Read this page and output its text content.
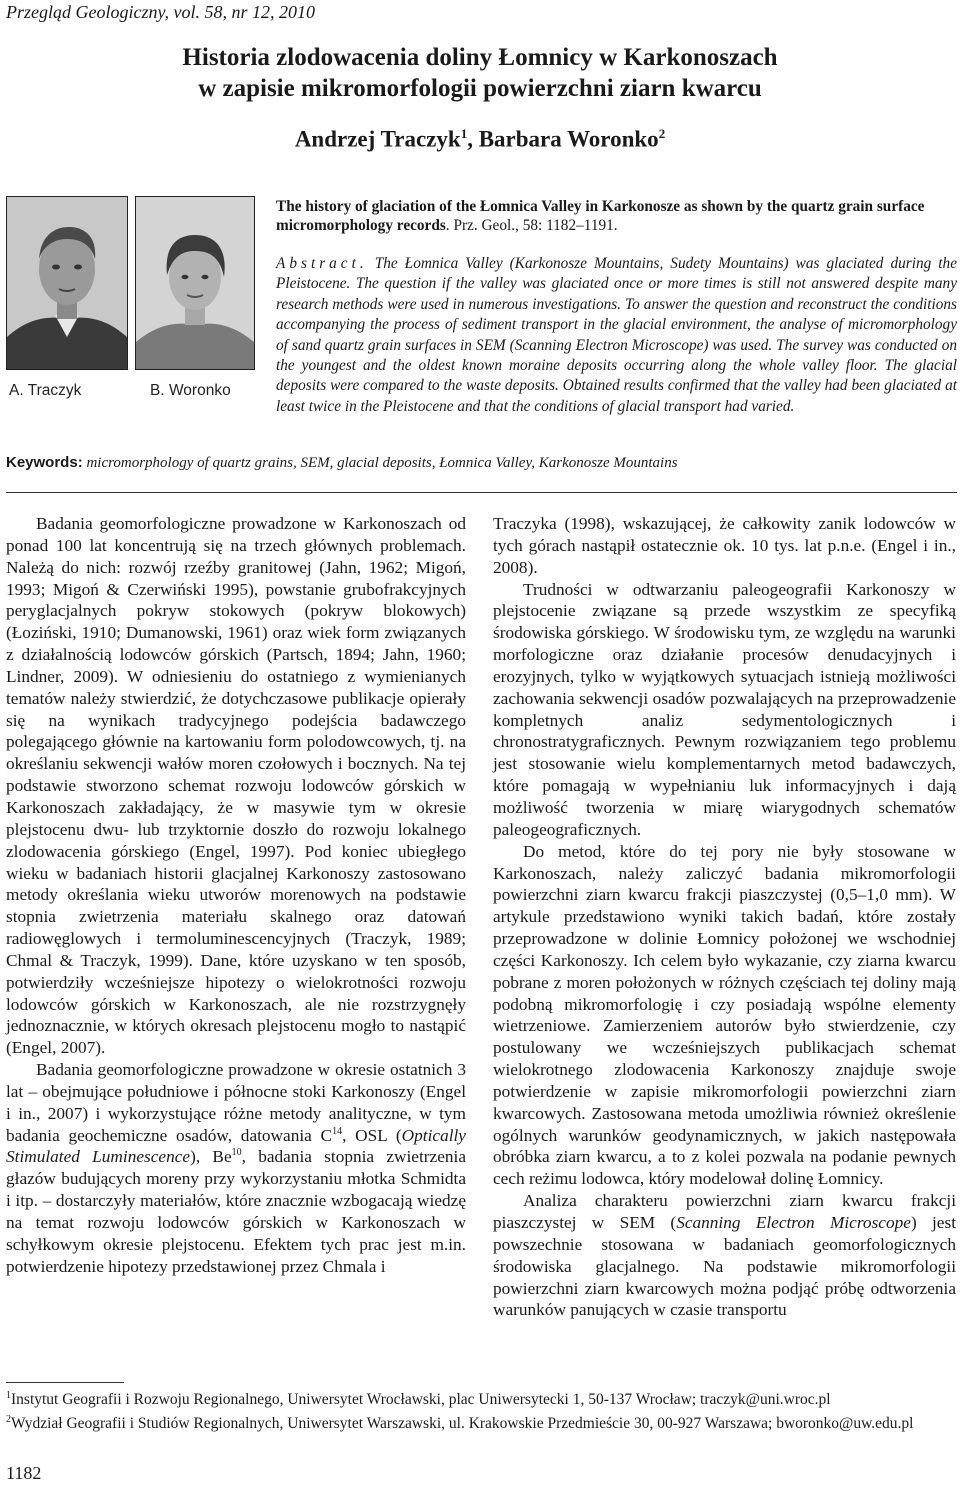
Przegląd Geologiczny, vol. 58, nr 12, 2010
Historia zlodowacenia doliny Łomnicy w Karkonoszach
w zapisie mikromorfologii powierzchni ziarn kwarcu
Andrzej Traczyk$^1$, Barbara Woronko$^2$
A. Traczyk	B. Woronko
The history of glaciation of the Łomnica Valley in Karkonosze as shown by the quartz grain surface micromorphology records. Prz. Geol., 58: 1182–1191.
Abstract. The Łomnica Valley (Karkonosze Mountains, Sudety Mountains) was glaciated during the Pleistocene. The question if the valley was glaciated once or more times is still not answered despite many research methods were used in numerous investigations. To answer the question and reconstruct the conditions accompanying the process of sediment transport in the glacial environment, the analyse of micromorphology of sand quartz grain surfaces in SEM (Scanning Electron Microscope) was used. The survey was conducted on the youngest and the oldest known moraine deposits occurring along the whole valley floor. The glacial deposits were compared to the waste deposits. Obtained results confirmed that the valley had been glaciated at least twice in the Pleistocene and that the conditions of glacial transport had varied.
Keywords: micromorphology of quartz grains, SEM, glacial deposits, Łomnica Valley, Karkonosze Mountains

Badania geomorfologiczne prowadzone w Karkonoszach od ponad 100 lat koncentrują się na trzech głównych problemach. Należą do nich: rozwój rzeźby granitowej (Jahn, 1962; Migoń, 1993; Migoń & Czerwiński 1995), powstanie grubofrakcyjnych peryglacjalnych pokryw stokowych (pokryw blokowych) (Łoziński, 1910; Dumanowski, 1961) oraz wiek form związanych z działalnością lodowców górskich (Partsch, 1894; Jahn, 1960; Lindner, 2009). W odniesieniu do ostatniego z wymienianych tematów należy stwierdzić, że dotychczasowe publikacje opierały się na wynikach tradycyjnego podejścia badawczego polegającego głównie na kartowaniu form polodowcowych, tj. na określaniu sekwencji wałów moren czołowych i bocznych. Na tej podstawie stworzono schemat rozwoju lodowców górskich w Karkonoszach zakładający, że w masywie tym w okresie plejstocenu dwu- lub trzyktornie doszło do rozwoju lokalnego zlodowacenia górskiego (Engel, 1997). Pod koniec ubiegłego wieku w badaniach historii glacjalnej Karkonoszy zastosowano metody określania wieku utworów morenowych na podstawie stopnia zwietrzenia materiału skalnego oraz datowań radiowęglowych i termoluminescencyjnych (Traczyk, 1989; Chmal & Traczyk, 1999). Dane, które uzyskano w ten sposób, potwierdziły wcześniejsze hipotezy o wielokrotności rozwoju lodowców górskich w Karkonoszach, ale nie rozstrzygnęły jednoznacznie, w których okresach plejstocenu mogło to nastąpić (Engel, 2007).

Badania geomorfologiczne prowadzone w okresie ostatnich 3 lat – obejmujące południowe i północne stoki Karkonoszy (Engel i in., 2007) i wykorzystujące różne metody analityczne, w tym badania geochemiczne osadów, datowania $C^{14}$, OSL (Optically Stimulated Luminescence), Be$^{10}$, badania stopnia zwietrzenia głazów budujących moreny przy wykorzystaniu młotka Schmidta i itp. – dostarczyły materiałów, które znacznie wzbogacają wiedzę na temat rozwoju lodowców górskich w Karkonoszach w schyłkowym okresie plejstocenu. Efektem tych prac jest m.in. potwierdzenie hipotezy przedstawionej przez Chmala i

Traczyka (1998), wskazującej, że całkowity zanik lodowców w tych górach nastąpił ostatecznie ok. 10 tys. lat p.n.e. (Engel i in., 2008).

Trudności w odtwarzaniu paleogeografii Karkonoszy w plejstocenie związane są przede wszystkim ze specyfiką środowiska górskiego. W środowisku tym, ze względu na warunki morfologiczne oraz działanie procesów denudacyjnych i erozyjnych, tylko w wyjątkowych sytuacjach istnieją możliwości zachowania sekwencji osadów pozwalających na przeprowadzenie kompletnych analiz sedymentologicznych i chronostratygraficznych. Pewnym rozwiązaniem tego problemu jest stosowanie wielu komplementarnych metod badawczych, które pomagają w wypełnianiu luk informacyjnych i dają możliwość tworzenia w miarę wiarygodnych schematów paleogeograficznych.

Do metod, które do tej pory nie były stosowane w Karkonoszach, należy zaliczyć badania mikromorfologii powierzchni ziarn kwarcu frakcji piaszczystej (0,5–1,0 mm). W artykule przedstawiono wyniki takich badań, które zostały przeprowadzone w dolinie Łomnicy położonej we wschodniej części Karkonoszy. Ich celem było wykazanie, czy ziarna kwarcu pobrane z moren położonych w różnych częściach tej doliny mają podobną mikromorfologię i czy posiadają wspólne elementy wietrzeniowe. Zamierzeniem autorów było stwierdzenie, czy postulowany we wcześniejszych publikacjach schemat wielokrotnego zlodowacenia Karkonoszy znajduje swoje potwierdzenie w zapisie mikromorfologii powierzchni ziarn kwarcowych. Zastosowana metoda umożliwia również określenie ogólnych warunków geodynamicznych, w jakich następowała obróbka ziarn kwarcu, a to z kolei pozwala na podanie pewnych cech reżimu lodowca, który modelował dolinę Łomnicy.

Analiza charakteru powierzchni ziarn kwarcu frakcji piaszczystej w SEM (Scanning Electron Microscope) jest powszechnie stosowana w badaniach geomorfologicznych środowiska glacjalnego. Na podstawie mikromorfologii powierzchni ziarn kwarcowych można podjąć próbę odtworzenia warunków panujących w czasie transportu

$^1$Instytut Geografii i Rozwoju Regionalnego, Uniwersytet Wrocławski, plac Uniwersytecki 1, 50-137 Wrocław; traczyk@uni.wroc.pl

$^2$Wydział Geografii i Studiów Regionalnych, Uniwersytet Warszawski, ul. Krakowskie Przedmieście 30, 00-927 Warszawa; bworonko@uw.edu.pl

1182
